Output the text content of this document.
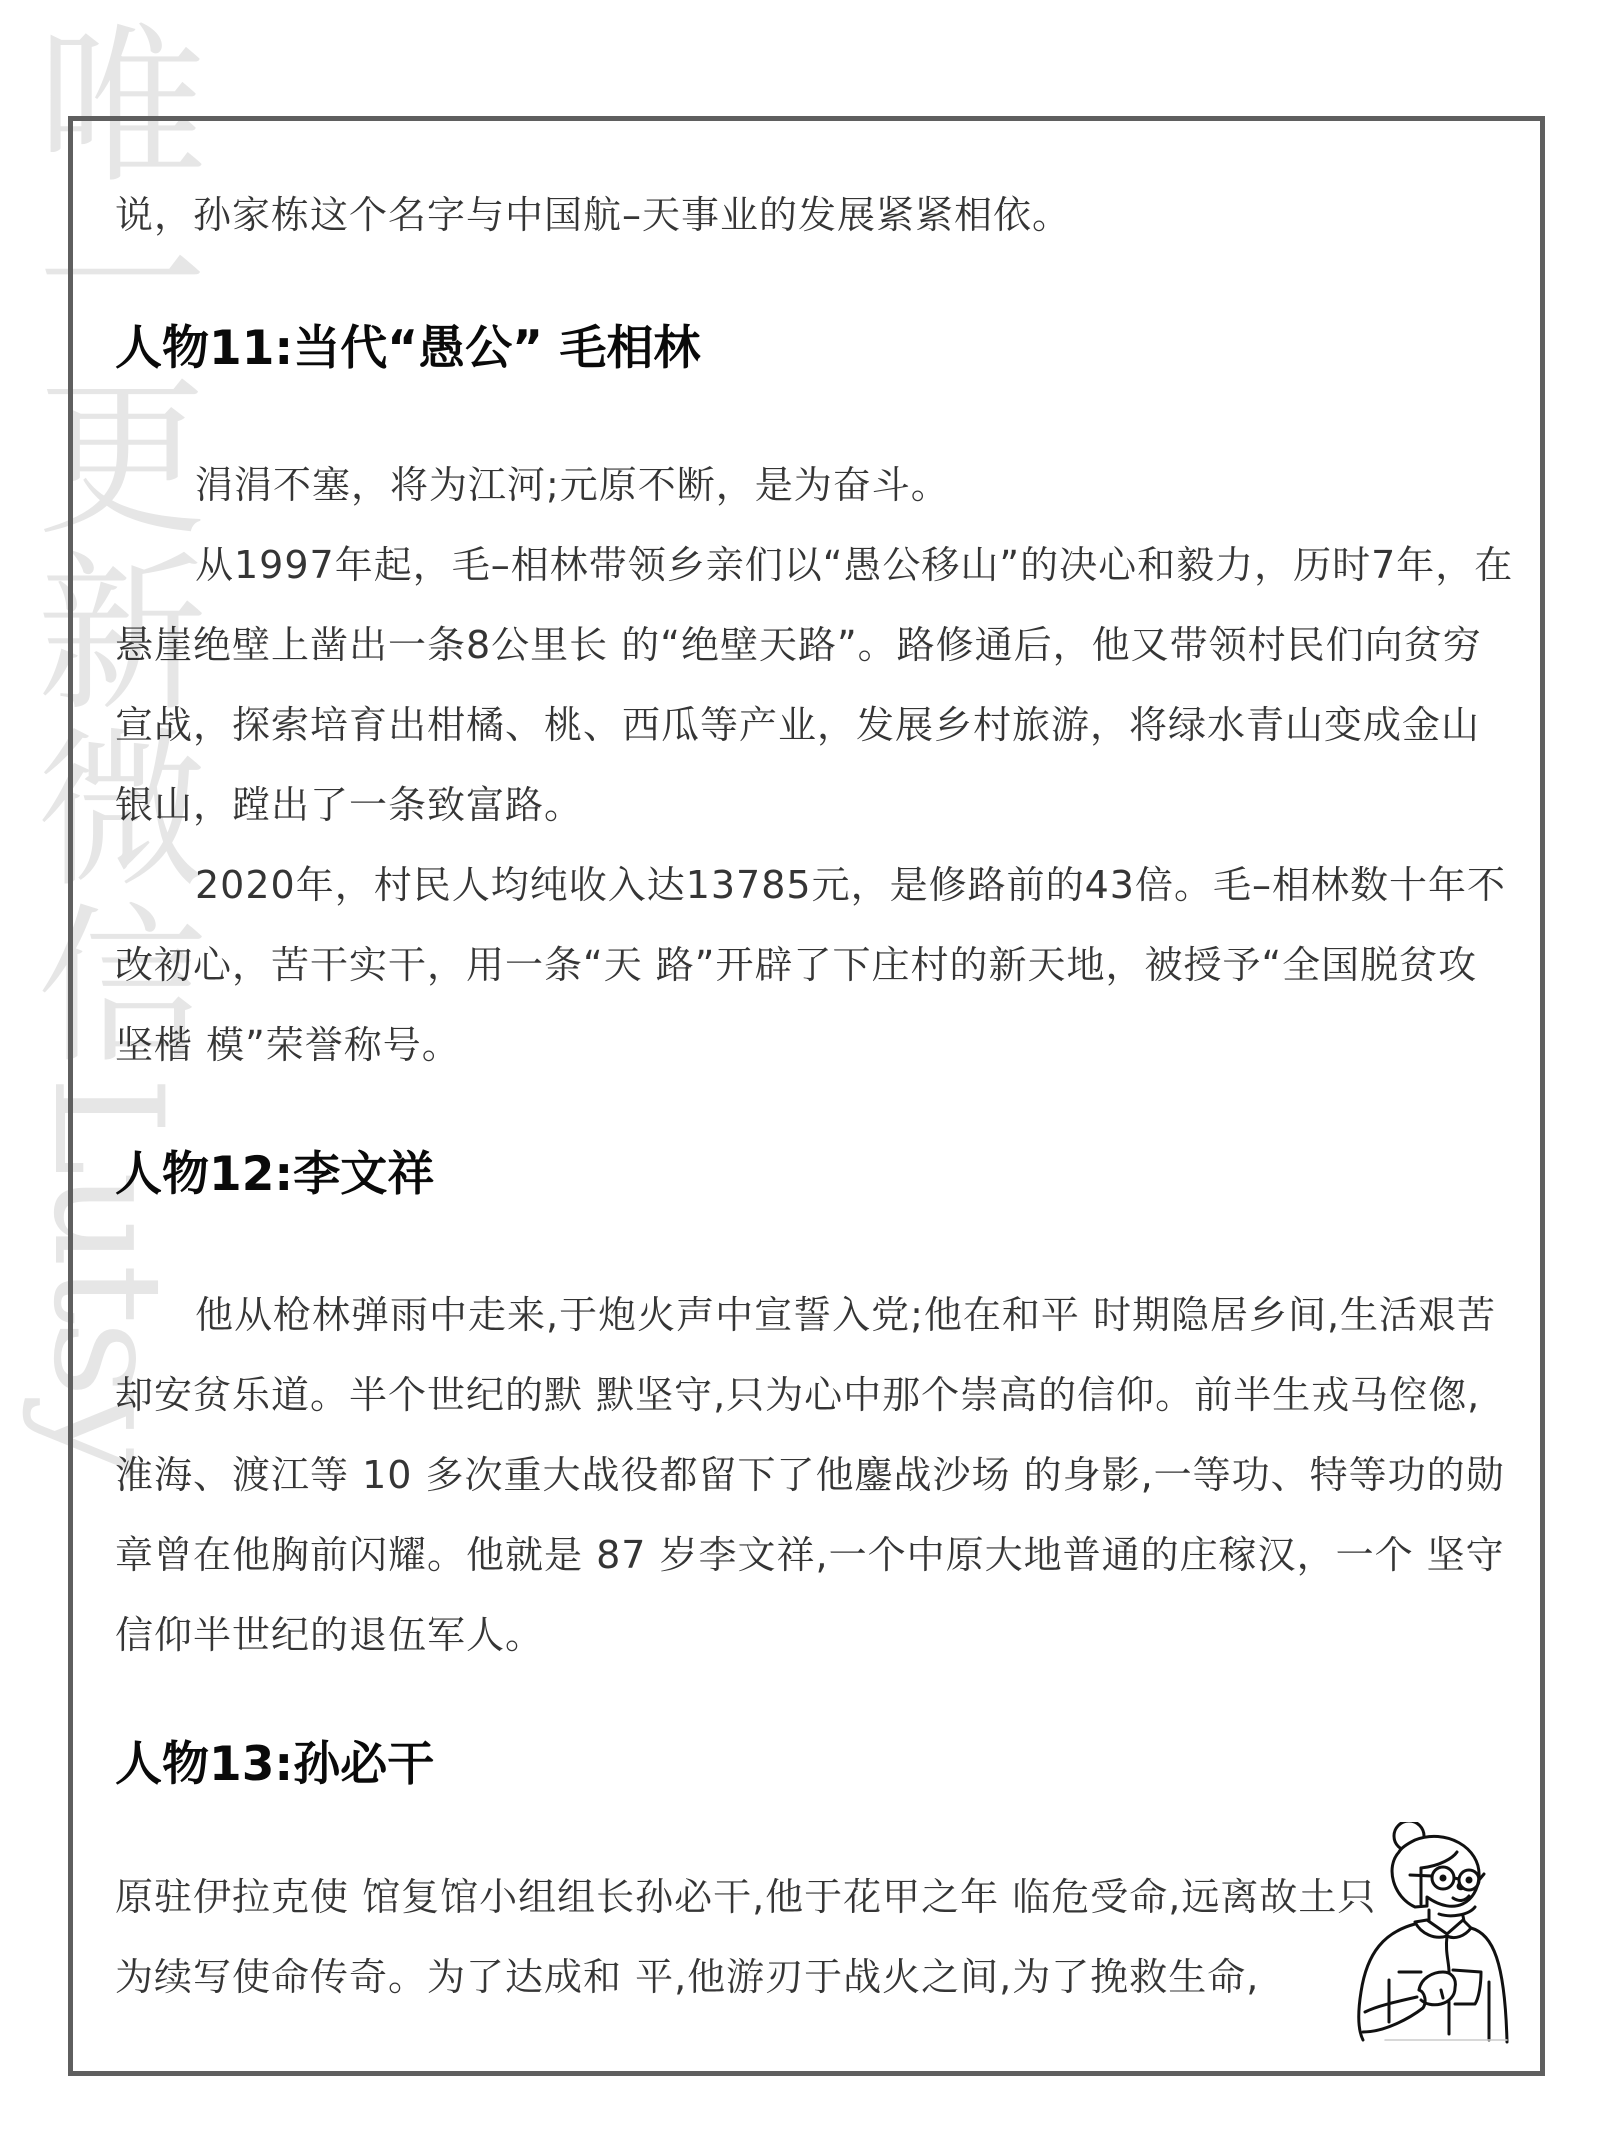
唯
一
更
新
微
信
Lutsy

说，孙家栋这个名字与中国航–天事业的发展紧紧相依。

人物11:当代“愚公” 毛相林

涓涓不塞，将为江河;元原不断，是为奋斗。

从1997年起，毛–相林带领乡亲们以“愚公移山”的决心和毅力，历时7年，在悬崖绝壁上凿出一条8公里长 的“绝壁天路”。路修通后，他又带领村民们向贫穷宣战，探索培育出柑橘、桃、西瓜等产业，发展乡村旅游，将绿水青山变成金山银山，蹚出了一条致富路。

2020年，村民人均纯收入达13785元，是修路前的43倍。毛–相林数十年不改初心，苦干实干，用一条“天 路”开辟了下庄村的新天地，被授予“全国脱贫攻坚楷 模”荣誉称号。

人物12:李文祥

他从枪林弹雨中走来,于炮火声中宣誓入党;他在和平 时期隐居乡间,生活艰苦却安贫乐道。半个世纪的默 默坚守,只为心中那个崇高的信仰。前半生戎马倥偬, 淮海、渡江等 10 多次重大战役都留下了他鏖战沙场 的身影,一等功、特等功的勋章曾在他胸前闪耀。他就是 87 岁李文祥,一个中原大地普通的庄稼汉，一个 坚守信仰半世纪的退伍军人。

人物13:孙必干

原驻伊拉克使 馆复馆小组组长孙必干,他于花甲之年 临危受命,远离故土只为续写使命传奇。为了达成和 平,他游刃于战火之间,为了挽救生命,
